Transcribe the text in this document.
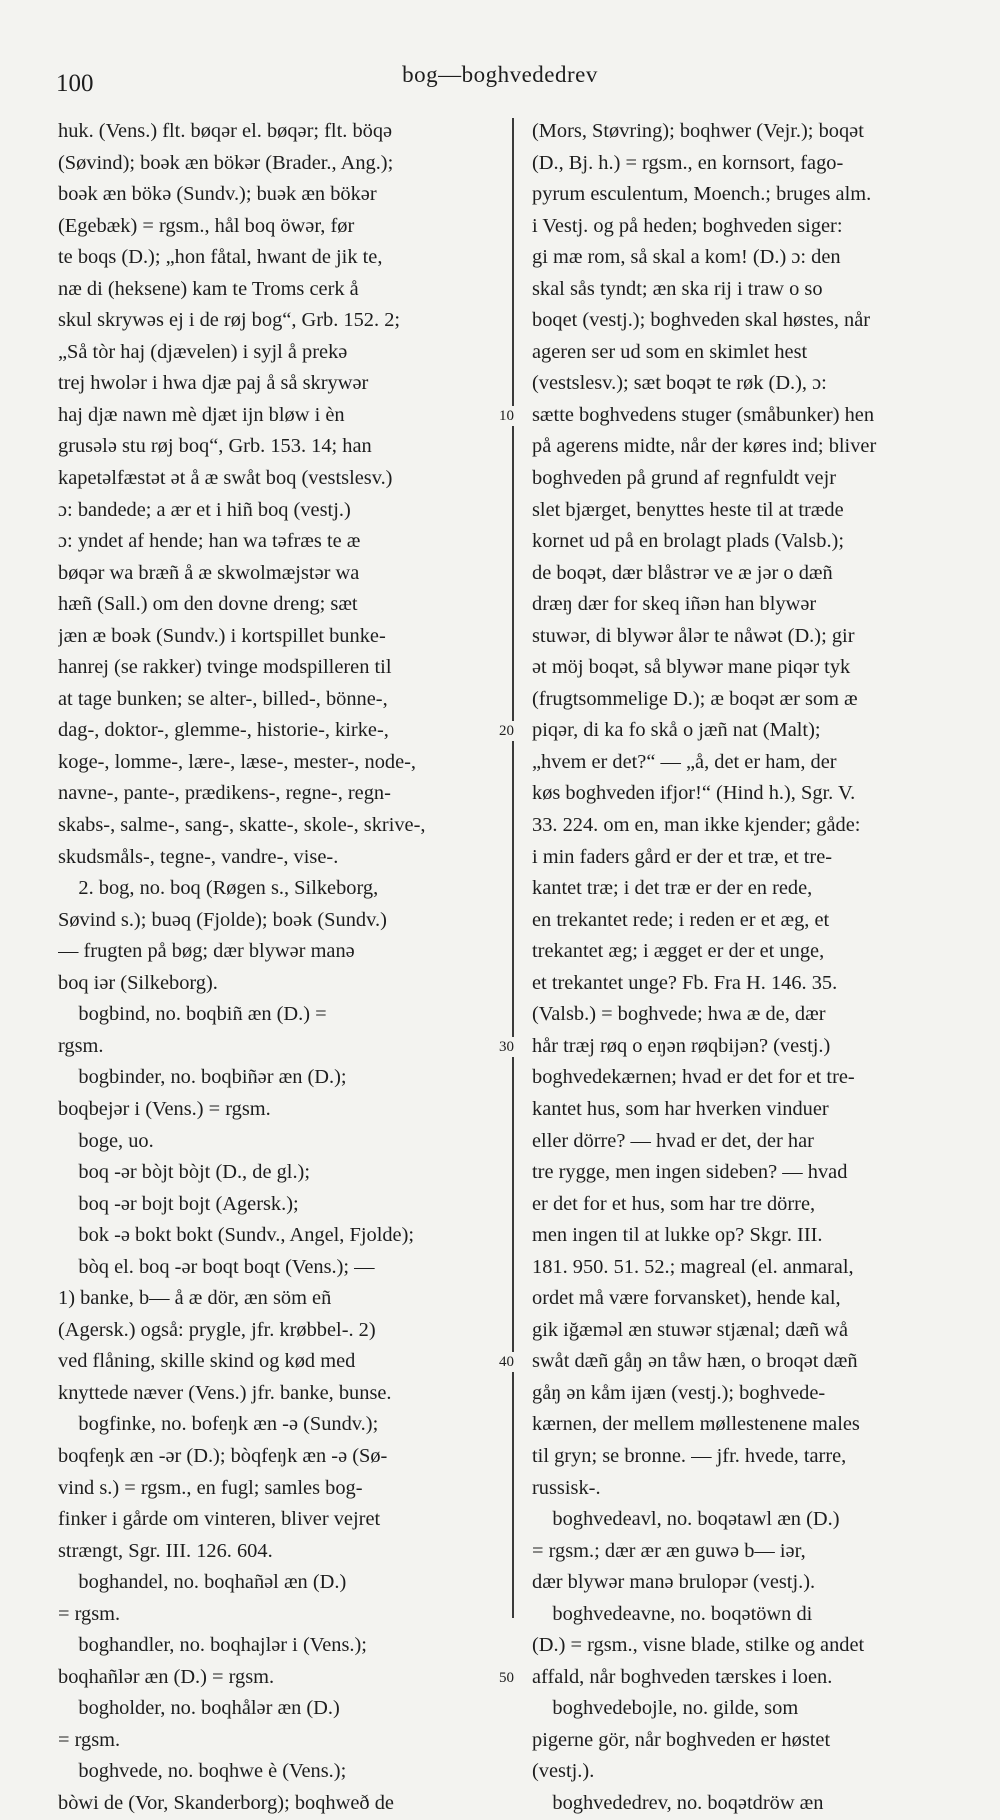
100	bog—boghvededrev
huk. (Vens.) flt. bøqər el. bøqər; flt. böqə
(Søvind); boək æn bökər (Brader., Ang.);
boək æn bökə (Sundv.); buək æn bökər
(Egebæk) = rgsm., hål boq öwər, før
te boqs (D.); „hon fåtal, hwant de jik te,
næ di (heksene) kam te Troms cerk å
skul skrywəs ej i de røj bog“, Grb. 152. 2;
„Så tòr haj (djævelen) i syjl å prekə
trej hwolər i hwa djæ paj å så skrywər
haj djæ nawn mè djæt ijn bløw i èn
grusələ stu røj boq“, Grb. 153. 14; han
kapetəlfæstət ət å æ swåt boq (vestslesv.)
ɔ: bandede; a ær et i hiñ boq (vestj.)
ɔ: yndet af hende; han wa təfræs te æ
bøqər wa bræñ å æ skwolmæjstər wa
hæñ (Sall.) om den dovne dreng; sæt
jæn æ boək (Sundv.) i kortspillet bunke-
hanrej (se rakker) tvinge modspilleren til
at tage bunken; se alter-, billed-, bönne-,
dag-, doktor-, glemme-, historie-, kirke-,
koge-, lomme-, lære-, læse-, mester-, node-,
navne-, pante-, prædikens-, regne-, regn-
skabs-, salme-, sang-, skatte-, skole-, skrive-,
skudsmåls-, tegne-, vandre-, vise-.
2. bog, no. boq (Røgen s., Silkeborg,
Søvind s.); buəq (Fjolde); boək (Sundv.)
— frugten på bøg; dær blywər manə
boq iər (Silkeborg).
bogbind, no. boqbiñ æn (D.) =
rgsm.
bogbinder, no. boqbiñər æn (D.);
boqbejər i (Vens.) = rgsm.
boge, uo.
boq -ər bòjt bòjt (D., de gl.);
boq -ər bojt bojt (Agersk.);
bok -ə bokt bokt (Sundv., Angel, Fjolde);
bòq el. boq -ər boqt boqt (Vens.); —
1) banke, b— å æ dör, æn söm eñ
(Agersk.) også: prygle, jfr. krøbbel-. 2)
ved flåning, skille skind og kød med
knyttede næver (Vens.) jfr. banke, bunse.
bogfinke, no. bofeŋk æn -ə (Sundv.);
boqfeŋk æn -ər (D.); bòqfeŋk æn -ə (Sø-
vind s.) = rgsm., en fugl; samles bog-
finker i gårde om vinteren, bliver vejret
strængt, Sgr. III. 126. 604.
boghandel, no. boqhañəl æn (D.)
= rgsm.
boghandler, no. boqhajlər i (Vens.);
boqhañlər æn (D.) = rgsm.
bogholder, no. boqhålər æn (D.)
= rgsm.
boghvede, no. boqhwe è (Vens.);
bòwi de (Vor, Skanderborg); boqhweð de
10
20
30
40
50
(Mors, Støvring); boqhwer (Vejr.); boqət
(D., Bj. h.) = rgsm., en kornsort, fago-
pyrum esculentum, Moench.; bruges alm.
i Vestj. og på heden; boghveden siger:
gi mæ rom, så skal a kom! (D.) ɔ: den
skal sås tyndt; æn ska rij i traw o so
boqet (vestj.); boghveden skal høstes, når
ageren ser ud som en skimlet hest
(vestslesv.); sæt boqət te røk (D.), ɔ:
sætte boghvedens stuger (småbunker) hen
på agerens midte, når der køres ind; bliver
boghveden på grund af regnfuldt vejr
slet bjærget, benyttes heste til at træde
kornet ud på en brolagt plads (Valsb.);
de boqət, dær blåstrər ve æ jər o dæñ
dræŋ dær for skeq iñən han blywər
stuwər, di blywər ålər te nåwət (D.); gir
ət möj boqət, så blywər mane piqər tyk
(frugtsommelige D.); æ boqət ær som æ
piqər, di ka fo skå o jæñ nat (Malt);
„hvem er det?“ — „å, det er ham, der
køs boghveden ifjor!“ (Hind h.), Sgr. V.
33. 224. om en, man ikke kjender; gåde:
i min faders gård er der et træ, et tre-
kantet træ; i det træ er der en rede,
en trekantet rede; i reden er et æg, et
trekantet æg; i ægget er der et unge,
et trekantet unge? Fb. Fra H. 146. 35.
(Valsb.) = boghvede; hwa æ de, dær
hår træj røq o eŋən røqbijən? (vestj.)
boghvedekærnen; hvad er det for et tre-
kantet hus, som har hverken vinduer
eller dörre? — hvad er det, der har
tre rygge, men ingen sideben? — hvad
er det for et hus, som har tre dörre,
men ingen til at lukke op? Skgr. III.
181. 950. 51. 52.; magreal (el. anmaral,
ordet må være forvansket), hende kal,
gik iğæməl æn stuwər stjænal; dæñ wå
swåt dæñ gåŋ ən tåw hæn, o broqət dæñ
gåŋ ən kåm ijæn (vestj.); boghvede-
kærnen, der mellem møllestenene males
til gryn; se bronne. — jfr. hvede, tarre,
russisk-.
boghvedeavl, no. boqətawl æn (D.)
= rgsm.; dær ær æn guwə b— iər,
dær blywər manə brulopər (vestj.).
boghvedeavne, no. boqətöwn di
(D.) = rgsm., visne blade, stilke og andet
affald, når boghveden tærskes i loen.
boghvedebojle, no. gilde, som
pigerne gör, når boghveden er høstet
(vestj.).
boghvededrev, no. boqətdröw æn
